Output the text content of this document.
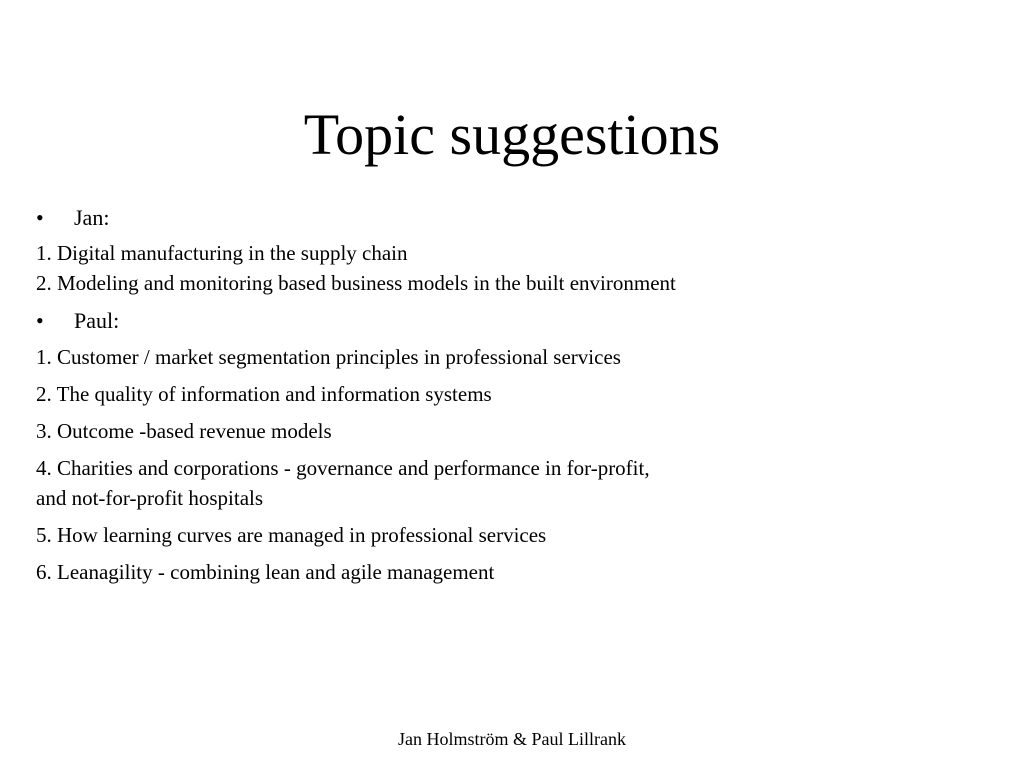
Topic suggestions
• Jan:
1. Digital manufacturing in the supply chain
2. Modeling and monitoring based business models in the built environment
• Paul:
1. Customer / market segmentation principles in professional services
2. The quality of information and information systems
3. Outcome -based revenue models
4. Charities and corporations - governance and performance in for-profit,
and not-for-profit hospitals
5. How learning curves are managed in professional services
6. Leanagility - combining lean and agile management
Jan Holmström & Paul Lillrank
